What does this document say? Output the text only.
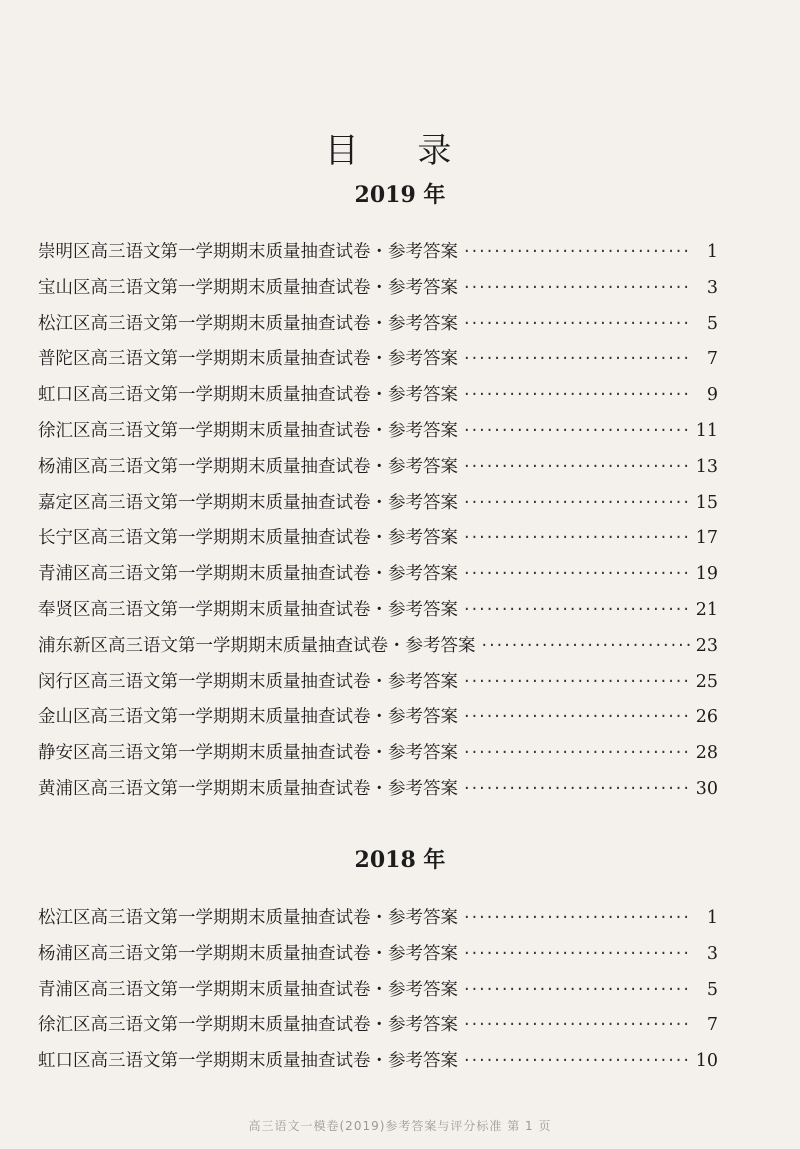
目 录
2019 年
崇明区高三语文第一学期期末质量抽查试卷・参考答案 ·····	1
宝山区高三语文第一学期期末质量抽查试卷・参考答案 ·····	3
松江区高三语文第一学期期末质量抽查试卷・参考答案 ·····	5
普陀区高三语文第一学期期末质量抽查试卷・参考答案 ·····	7
虹口区高三语文第一学期期末质量抽查试卷・参考答案 ·····	9
徐汇区高三语文第一学期期末质量抽查试卷・参考答案 ·····	11
杨浦区高三语文第一学期期末质量抽查试卷・参考答案 ·····	13
嘉定区高三语文第一学期期末质量抽查试卷・参考答案 ·····	15
长宁区高三语文第一学期期末质量抽查试卷・参考答案 ·····	17
青浦区高三语文第一学期期末质量抽查试卷・参考答案 ·····	19
奉贤区高三语文第一学期期末质量抽查试卷・参考答案 ·····	21
浦东新区高三语文第一学期期末质量抽查试卷・参考答案 ·····	23
闵行区高三语文第一学期期末质量抽查试卷・参考答案 ·····	25
金山区高三语文第一学期期末质量抽查试卷・参考答案 ·····	26
静安区高三语文第一学期期末质量抽查试卷・参考答案 ·····	28
黄浦区高三语文第一学期期末质量抽查试卷・参考答案 ·····	30
2018 年
松江区高三语文第一学期期末质量抽查试卷・参考答案 ·····	1
杨浦区高三语文第一学期期末质量抽查试卷・参考答案 ·····	3
青浦区高三语文第一学期期末质量抽查试卷・参考答案 ·····	5
徐汇区高三语文第一学期期末质量抽查试卷・参考答案 ·····	7
虹口区高三语文第一学期期末质量抽查试卷・参考答案 ·····	10
高三语文一模卷(2019)参考答案与评分标准 第 1 页
